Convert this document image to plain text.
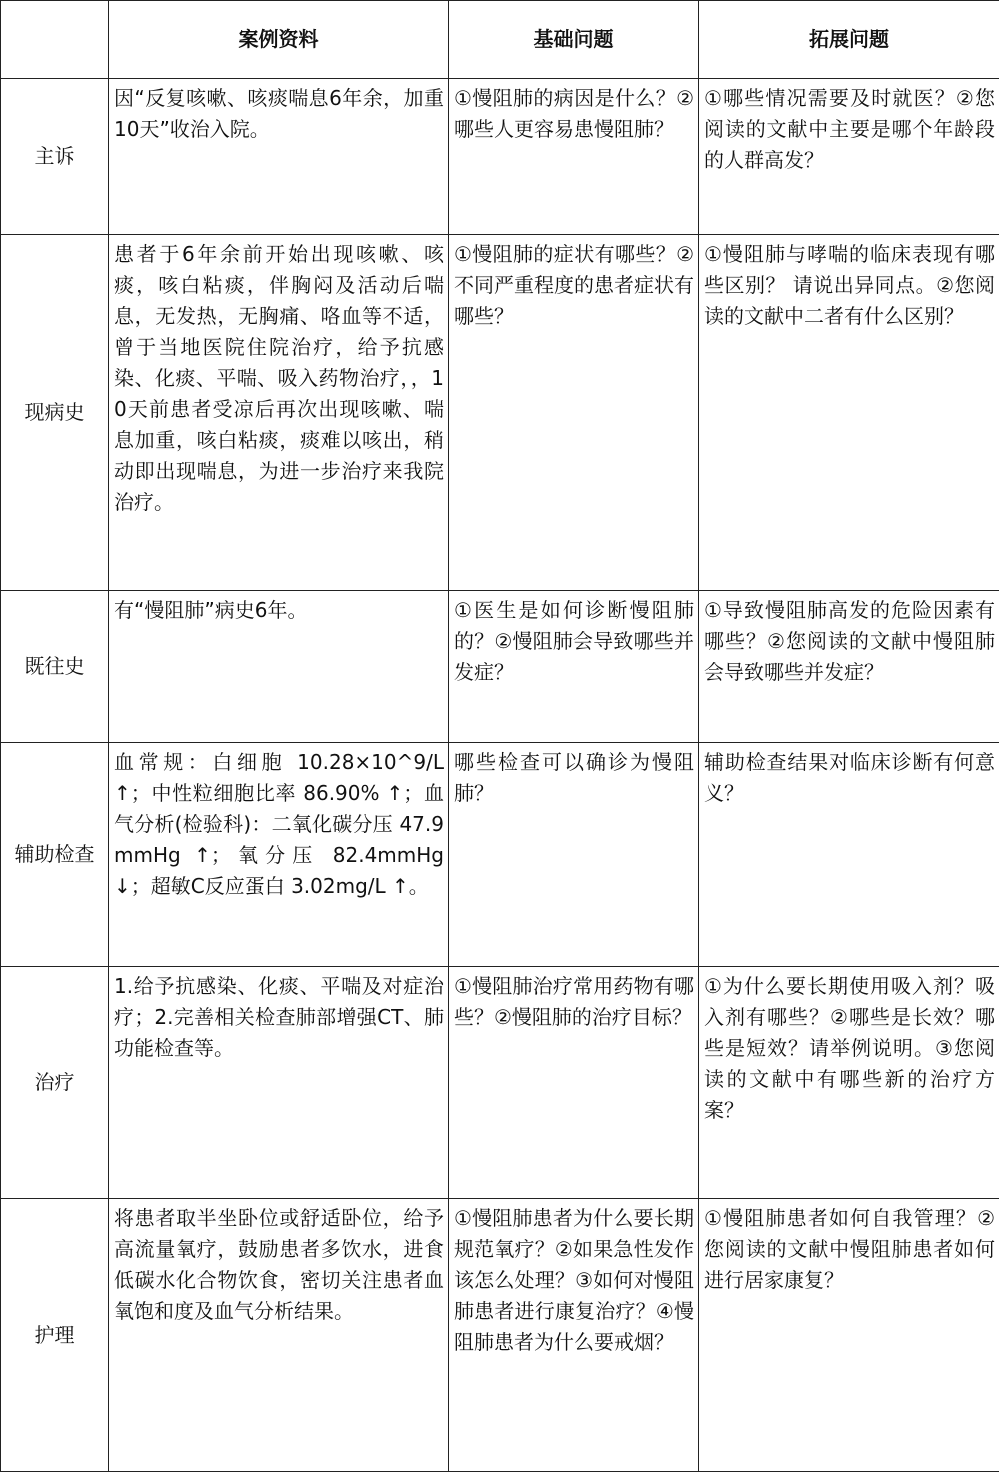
	案例资料	基础问题	拓展问题
主诉	因“反复咳嗽、咳痰喘息6年余，加重10天”收治入院。	①慢阻肺的病因是什么？②哪些人更容易患慢阻肺？	①哪些情况需要及时就医？②您阅读的文献中主要是哪个年龄段的人群高发？
现病史	患者于6年余前开始出现咳嗽、咳痰，咳白粘痰，伴胸闷及活动后喘息，无发热，无胸痛、咯血等不适，曾于当地医院住院治疗，给予抗感染、化痰、平喘、吸入药物治疗，，10天前患者受凉后再次出现咳嗽、喘息加重，咳白粘痰，痰难以咳出，稍动即出现喘息，为进一步治疗来我院治疗。	①慢阻肺的症状有哪些？②不同严重程度的患者症状有哪些？	①慢阻肺与哮喘的临床表现有哪些区别？ 请说出异同点。②您阅读的文献中二者有什么区别？
既往史	有“慢阻肺”病史6年。	①医生是如何诊断慢阻肺的？②慢阻肺会导致哪些并发症？	①导致慢阻肺高发的危险因素有哪些？②您阅读的文献中慢阻肺会导致哪些并发症？
辅助检查	血常规：白细胞 10.28×10^9/L ↑；中性粒细胞比率 86.90% ↑；血气分析(检验科)：二氧化碳分压 47.9mmHg ↑；氧分压 82.4mmHg ↓；超敏C反应蛋白 3.02mg/L ↑。	哪些检查可以确诊为慢阻肺？	辅助检查结果对临床诊断有何意义？
治疗	1.给予抗感染、化痰、平喘及对症治疗；2.完善相关检查肺部增强CT、肺功能检查等。	①慢阻肺治疗常用药物有哪些？②慢阻肺的治疗目标？	①为什么要长期使用吸入剂？吸入剂有哪些？②哪些是长效？哪些是短效？请举例说明。③您阅读的文献中有哪些新的治疗方案？
护理	将患者取半坐卧位或舒适卧位，给予高流量氧疗，鼓励患者多饮水，进食低碳水化合物饮食，密切关注患者血氧饱和度及血气分析结果。	①慢阻肺患者为什么要长期规范氧疗？②如果急性发作该怎么处理？③如何对慢阻肺患者进行康复治疗？④慢阻肺患者为什么要戒烟？	①慢阻肺患者如何自我管理？②您阅读的文献中慢阻肺患者如何进行居家康复？
